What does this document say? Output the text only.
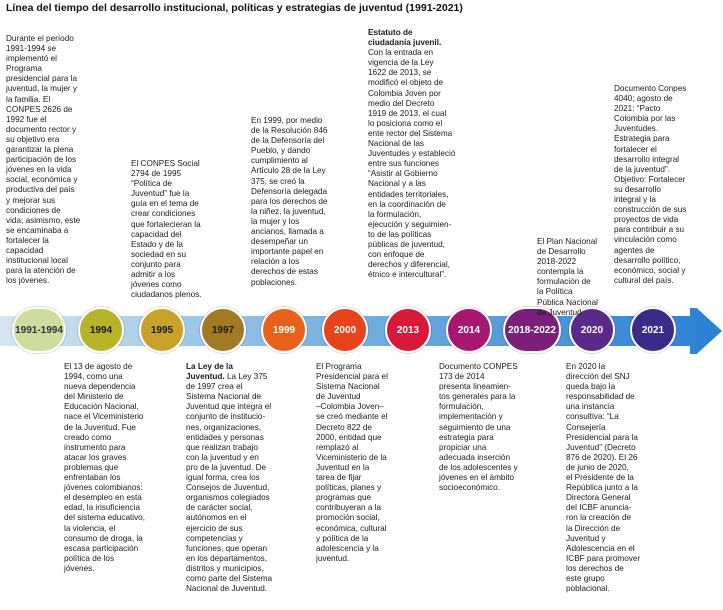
Línea del tiempo del desarrollo institucional, políticas y estrategias de juventud (1991-2021)
1991-1994	1994	1995	1997	1999	2000	2013	2014	2018-2022 2020	2021
Durante el período
1991-1994 se
implementó el
Programa
presidencial para la
juventud, la mujer y
la familia. El
CONPES 2626 de
1992 fue el
documento rector y
su objetivo era
garantizar la plena
participación de los
jóvenes en la vida
social, económica y
productiva del país
y mejorar sus
condiciones de
vida; asimismo, este
se encaminaba a
fortalecer la
capacidad
institucional local
para la atención de
los jóvenes.
El CONPES Social
2794 de 1995
“Política de
Juventud” fue la
guía en el tema de
crear condiciones
que fortalecieran la
capacidad del
Estado y de la
sociedad en su
conjunto para
admitir a los
jóvenes como
ciudadanos plenos.
En 1999, por medio
de la Resolución 846
de la Defensoría del
Pueblo, y dando
cumplimiento al
Artículo 28 de la Ley
375, se creó la
Defensoría delegada
para los derechos de
la niñez, la juventud,
la mujer y los
ancianos, llamada a
desempeñar un
importante papel en
relación a los
derechos de estas
poblaciones.
Estatuto de
ciudadanía juvenil.
Con la entrada en
vigencia de la Ley
1622 de 2013, se
modificó el objeto de
Colombia Joven por
medio del Decreto
1919 de 2013, el cual
lo posiciona como el
ente rector del Sistema
Nacional de las
Juventudes y estableció
entre sus funciones
“Asistir al Gobierno
Nacional y a las
entidades territoriales,
en la coordinación de
la formulación,
ejecución y seguimien-
to de las políticas
públicas de juventud,
con enfoque de
derechos y diferencial,
étnico e intercultural”.
El Plan Nacional
de Desarrollo
2018-2022
contempla la
formulación de
la Política
Pública Nacional
de Juventud.
Documento Conpes
4040; agosto de
2021: “Pacto
Colombia por las
Juventudes.
Estrategia para
fortalecer el
desarrollo integral
de la juventud”.
Objetivo: Fortalecer
su desarrollo
integral y la
construcción de sus
proyectos de vida
para contribuir a su
vinculación como
agentes de
desarrollo político,
económico, social y
cultural del país.
El 13 de agosto de
1994, como una
nueva dependencia
del Ministerio de
Educación Nacional,
nace el Viceministerio
de la Juventud. Fue
creado como
instrumento para
atacar los graves
problemas que
enfrentaban los
jóvenes colombianos:
el desempleo en esta
edad, la insuficiencia
del sistema educativo,
la violencia, el
consumo de droga, la
escasa participación
política de los
jóvenes.
La Ley de la
Juventud. La Ley 375
de 1997 crea el
Sistema Nacional de
Juventud que integra el
conjunto de institucio-
nes, organizaciones,
entidades y personas
que realizan trabajo
con la juventud y en
pro de la juventud. De
igual forma, crea los
Consejos de Juventud,
organismos colegiados
de carácter social,
autónomos en el
ejercicio de sus
competencias y
funciones, que operan
en los departamentos,
distritos y municipios,
como parte del Sistema
Nacional de Juventud.
El Programa
Presidencial para el
Sistema Nacional
de Juventud
–Colombia Joven–
se creó mediante el
Decreto 822 de
2000, entidad que
remplazó al
Viceministerio de la
Juventud en la
tarea de fijar
políticas, planes y
programas que
contribuyeran a la
promoción social,
económica, cultural
y política de la
adolescencia y la
juventud.
Documento CONPES
173 de 2014
presenta lineamien-
tos generales para la
formulación,
implementación y
seguimiento de una
estrategia para
propiciar una
adecuada inserción
de los adolescentes y
jóvenes en el ámbito
socioeconómico.
En 2020 la
dirección del SNJ
queda bajo la
responsabilidad de
una instancia
consultiva: “La
Consejería
Presidencial para la
Juventud” (Decreto
876 de 2020). El 26
de junio de 2020,
el Presidente de la
República junto a la
Directora General
del ICBF anuncia-
ron la creación de
la Dirección de
Juventud y
Adolescencia en el
ICBF para promover
los derechos de
este grupo
poblacional.
